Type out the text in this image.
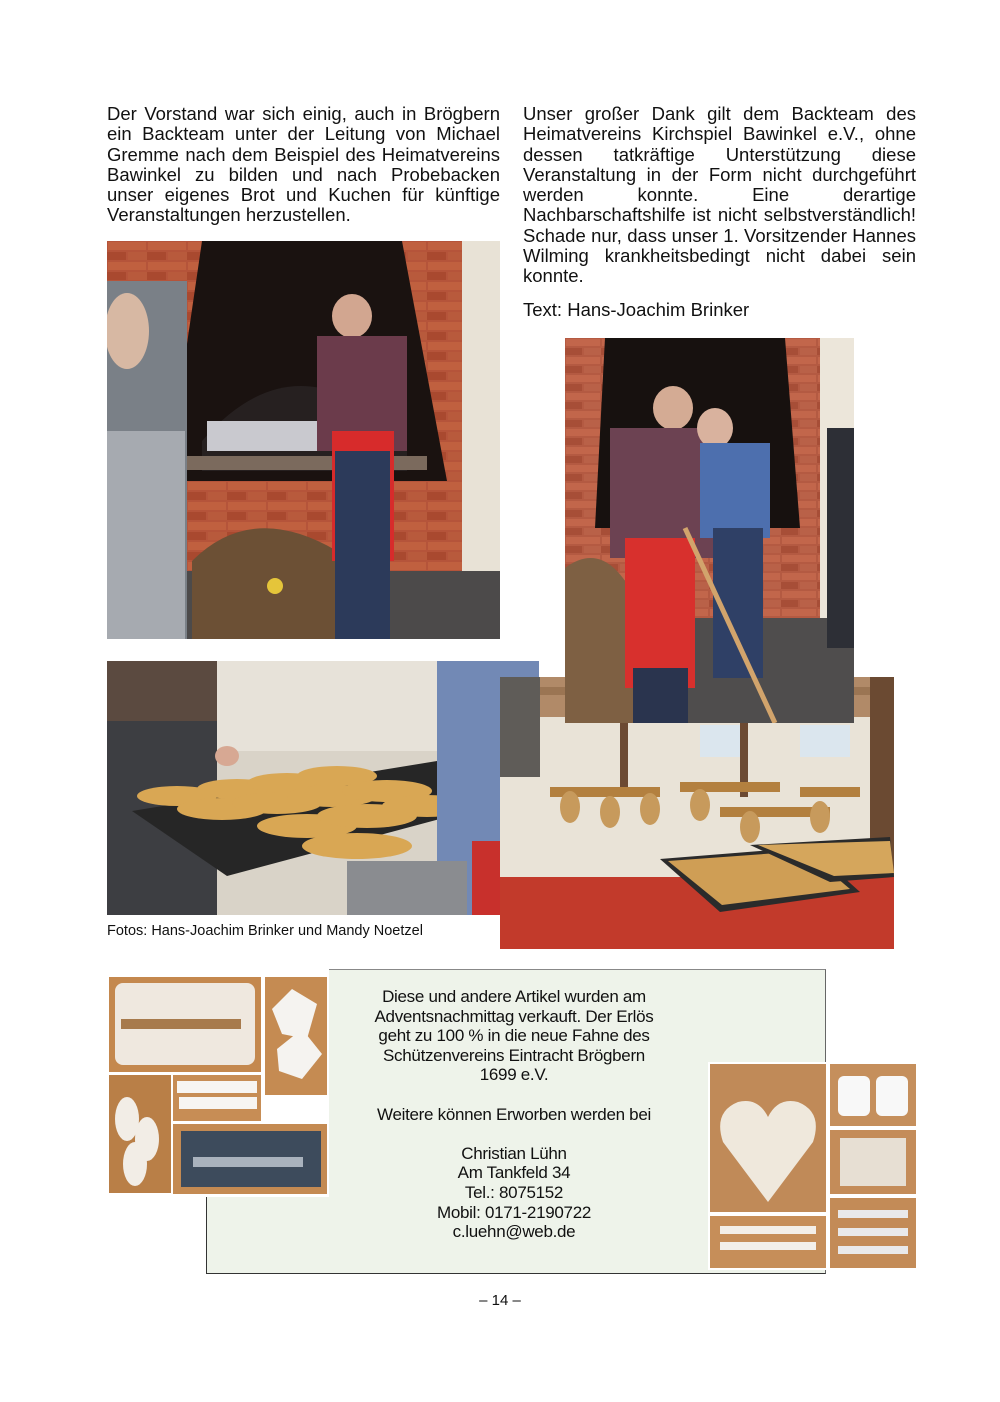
Der Vorstand war sich einig, auch in Brögbern ein Backteam unter der Leitung von Michael Gremme nach dem Beispiel des Heimatvereins Bawinkel zu bilden und nach Probebacken unser eigenes Brot und Kuchen für künftige Veranstaltungen herzustellen.

Unser großer Dank gilt dem Backteam des Heimatvereins Kirchspiel Bawinkel e.V., ohne dessen tatkräftige Unterstützung diese Veranstaltung in der Form nicht durchgeführt werden konnte. Eine derartige Nachbarschaftshilfe ist nicht selbstverständlich! Schade nur, dass unser 1. Vorsitzender Hannes Wilming krankheitsbedingt nicht dabei sein konnte.

Text: Hans-Joachim Brinker
Fotos: Hans-Joachim Brinker und Mandy Noetzel
Diese und andere Artikel wurden am
Adventsnachmittag verkauft. Der Erlös
geht zu 100 % in die neue Fahne des
Schützenvereins Eintracht Brögbern
1699 e.V.
Weitere können Erworben werden bei
Christian Lühn
Am Tankfeld 34
Tel.: 8075152
Mobil: 0171-2190722
c.luehn@web.de
– 14 –
